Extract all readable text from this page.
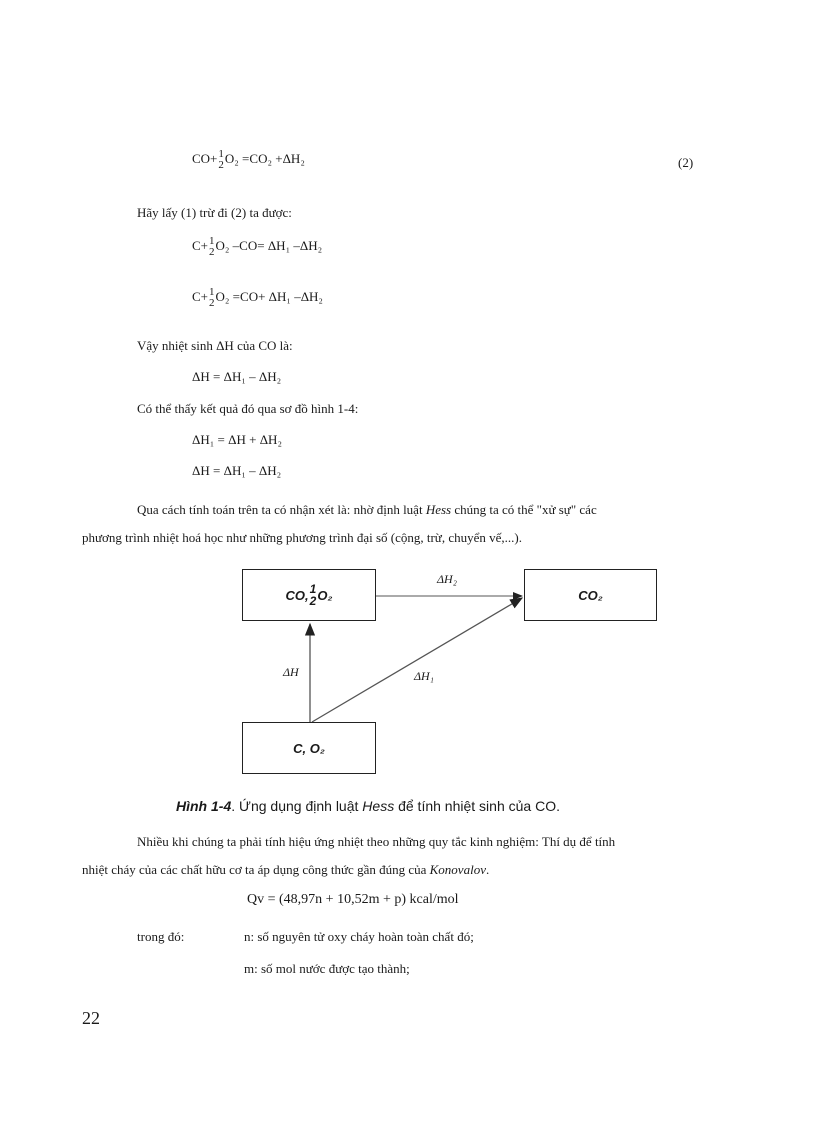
CO+ 1
2 O₂ =CO₂ +ΔH₂	(2)
Hãy lấy (1) trừ đi (2) ta được:
C+ 1
2 O₂ –CO= ΔH₁ –ΔH₂
C+ 1
2 O₂ =CO+ ΔH₁ –ΔH₂
Vậy nhiệt sinh ΔH của CO là:
ΔH = ΔH₁ – ΔH₂
Có thể thấy kết quả đó qua sơ đồ hình 1-4:
ΔH₁ = ΔH + ΔH₂
ΔH = ΔH₁ – ΔH₂
Qua cách tính toán trên ta có nhận xét là: nhờ định luật Hess chúng ta có thể "xử sự" các
phương trình nhiệt hoá học như những phương trình đại số (cộng, trừ, chuyển vế,...).
CO, 1
2 O₂	CO₂
C, O₂
ΔH₂
ΔH	ΔH₁
Hình 1-4. Ứng dụng định luật Hess để tính nhiệt sinh của CO.
Nhiều khi chúng ta phải tính hiệu ứng nhiệt theo những quy tắc kinh nghiệm: Thí dụ để tính
nhiệt cháy của các chất hữu cơ ta áp dụng công thức gần đúng của Konovalov.
Qv = (48,97n + 10,52m + p) kcal/mol
trong đó:	n: số nguyên tử oxy cháy hoàn toàn chất đó;
m: số mol nước được tạo thành;
22
